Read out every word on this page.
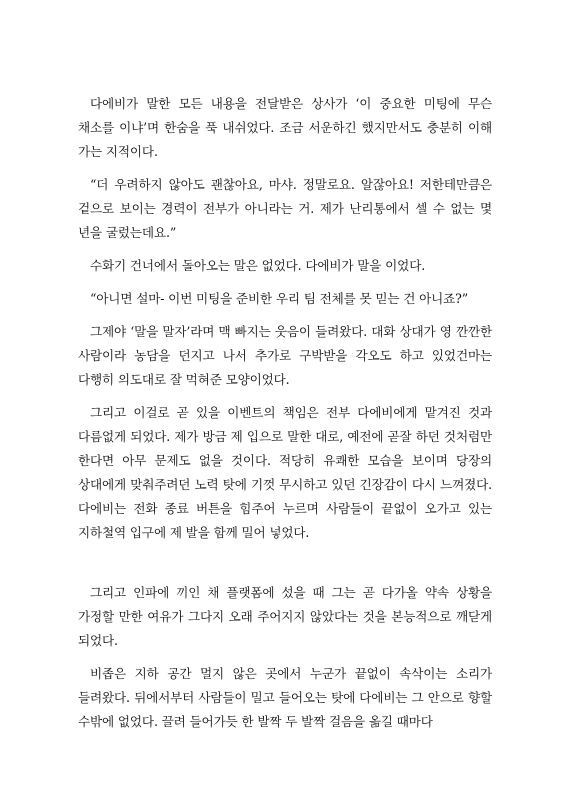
다에비가 말한 모든 내용을 전달받은 상사가 ‘이 중요한 미팅에 무슨 채소를 이냐’며 한숨을 푹 내쉬었다. 조금 서운하긴 했지만서도 충분히 이해 가는 지적이다.

“더 우려하지 않아도 괜찮아요, 마샤. 정말로요. 알잖아요! 저한테만큼은 겉으로 보이는 경력이 전부가 아니라는 거. 제가 난리통에서 셀 수 없는 몇 년을 굴렀는데요.”

수화기 건너에서 돌아오는 말은 없었다. 다에비가 말을 이었다.

“아니면 설마- 이번 미팅을 준비한 우리 팀 전체를 못 믿는 건 아니죠?”

그제야 ‘말을 말자’라며 맥 빠지는 웃음이 들려왔다. 대화 상대가 영 깐깐한 사람이라 농담을 던지고 나서 추가로 구박받을 각오도 하고 있었건마는 다행히 의도대로 잘 먹혀준 모양이었다.

그리고 이걸로 곧 있을 이벤트의 책임은 전부 다에비에게 맡겨진 것과 다름없게 되었다. 제가 방금 제 입으로 말한 대로, 예전에 곧잘 하던 것처럼만 한다면 아무 문제도 없을 것이다. 적당히 유쾌한 모습을 보이며 당장의 상대에게 맞춰주려던 노력 탓에 기껏 무시하고 있던 긴장감이 다시 느껴졌다. 다에비는 전화 종료 버튼을 힘주어 누르며 사람들이 끝없이 오가고 있는 지하철역 입구에 제 발을 함께 밀어 넣었다.

그리고 인파에 끼인 채 플랫폼에 섰을 때 그는 곧 다가올 약속 상황을 가정할 만한 여유가 그다지 오래 주어지지 않았다는 것을 본능적으로 깨닫게 되었다.

비좁은 지하 공간 멀지 않은 곳에서 누군가 끝없이 속삭이는 소리가 들려왔다. 뒤에서부터 사람들이 밀고 들어오는 탓에 다에비는 그 안으로 향할 수밖에 없었다. 끌려 들어가듯 한 발짝 두 발짝 걸음을 옮길 때마다
